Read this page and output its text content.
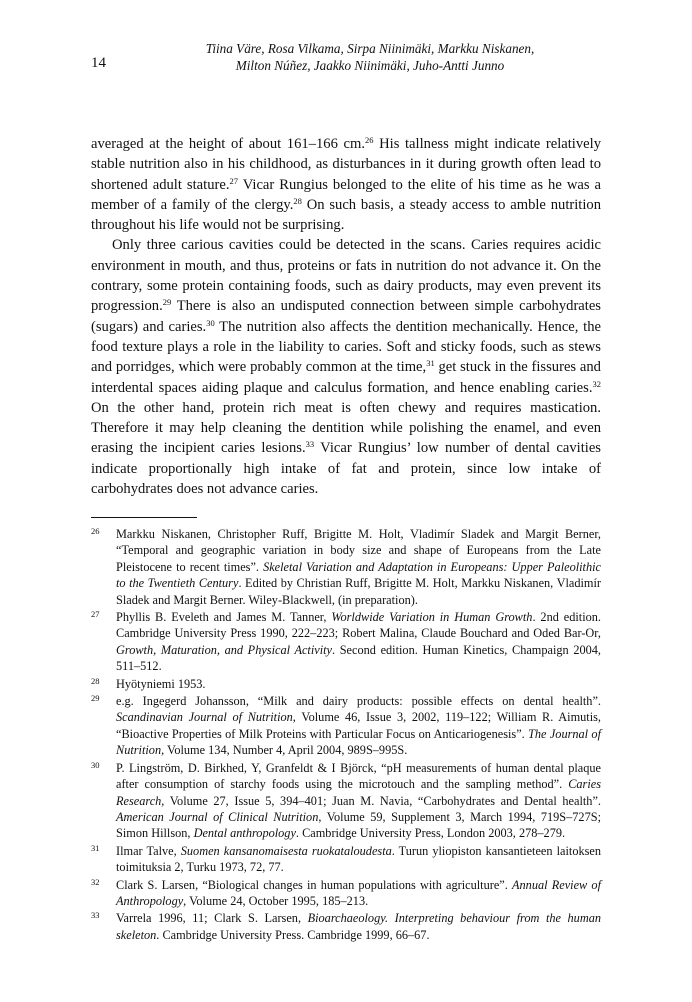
14
Tiina Väre, Rosa Vilkama, Sirpa Niinimäki, Markku Niskanen,
Milton Núñez, Jaakko Niinimäki, Juho-Antti Junno

averaged at the height of about 161–166 cm.$^{26}$ His tallness might indicate relatively stable nutrition also in his childhood, as disturbances in it during growth often lead to shortened adult stature.$^{27}$ Vicar Rungius belonged to the elite of his time as he was a member of a family of the clergy.$^{28}$ On such basis, a steady access to amble nutrition throughout his life would not be surprising.

Only three carious cavities could be detected in the scans. Caries requires acidic environment in mouth, and thus, proteins or fats in nutrition do not advance it. On the contrary, some protein containing foods, such as dairy products, may even prevent its progression.$^{29}$ There is also an undisputed connection between simple carbohydrates (sugars) and caries.$^{30}$ The nutrition also affects the dentition mechanically. Hence, the food texture plays a role in the liability to caries. Soft and sticky foods, such as stews and porridges, which were probably common at the time,$^{31}$ get stuck in the fissures and interdental spaces aiding plaque and calculus formation, and hence enabling caries.$^{32}$ On the other hand, protein rich meat is often chewy and requires mastication. Therefore it may help cleaning the dentition while polishing the enamel, and even erasing the incipient caries lesions.$^{33}$ Vicar Rungius’ low number of dental cavities indicate proportionally high intake of fat and protein, since low intake of carbohydrates does not advance caries.

26 Markku Niskanen, Christopher Ruff, Brigitte M. Holt, Vladimír Sladek and Margit Berner, “Temporal and geographic variation in body size and shape of Europeans from the Late Pleistocene to recent times”. Skeletal Variation and Adaptation in Europeans: Upper Paleolithic to the Twentieth Century. Edited by Christian Ruff, Brigitte M. Holt, Markku Niskanen, Vladimír Sladek and Margit Berner. Wiley-Blackwell, (in preparation).
27 Phyllis B. Eveleth and James M. Tanner, Worldwide Variation in Human Growth. 2nd edition. Cambridge University Press 1990, 222–223; Robert Malina, Claude Bouchard and Oded Bar-Or, Growth, Maturation, and Physical Activity. Second edition. Human Kinetics, Champaign 2004, 511–512.
28 Hyötyniemi 1953.
29 e.g. Ingegerd Johansson, “Milk and dairy products: possible effects on dental health”. Scandinavian Journal of Nutrition, Volume 46, Issue 3, 2002, 119–122; William R. Aimutis, “Bioactive Properties of Milk Proteins with Particular Focus on Anticariogenesis”. The Journal of Nutrition, Volume 134, Number 4, April 2004, 989S–995S.
30 P. Lingström, D. Birkhed, Y, Granfeldt & I Björck, “pH measurements of human dental plaque after consumption of starchy foods using the microtouch and the sampling method”. Caries Research, Volume 27, Issue 5, 394–401; Juan M. Navia, “Carbohydrates and Dental health”. American Journal of Clinical Nutrition, Volume 59, Supplement 3, March 1994, 719S–727S; Simon Hillson, Dental anthropology. Cambridge University Press, London 2003, 278–279.
31 Ilmar Talve, Suomen kansanomaisesta ruokataloudesta. Turun yliopiston kansantieteen laitoksen toimituksia 2, Turku 1973, 72, 77.
32 Clark S. Larsen, “Biological changes in human populations with agriculture”. Annual Review of Anthropology, Volume 24, October 1995, 185–213.
33 Varrela 1996, 11; Clark S. Larsen, Bioarchaeology. Interpreting behaviour from the human skeleton. Cambridge University Press. Cambridge 1999, 66–67.
